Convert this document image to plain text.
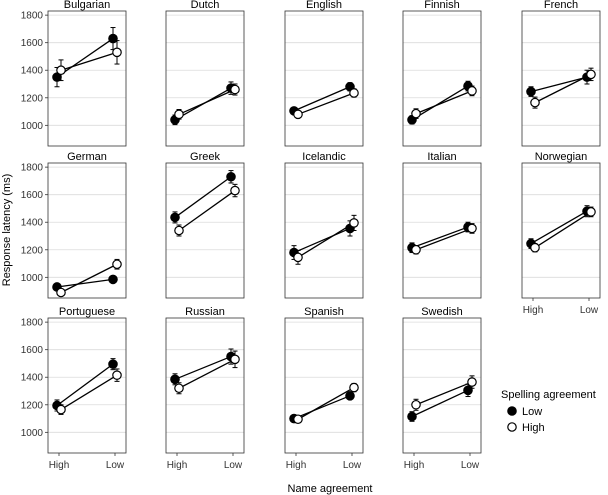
1000
1200
1400
1600
1800
Bulgarian	Dutch	English	Finnish	French
1000
1200
1400
1600
1800
German	Greek	Icelandic	Italian	Norwegian
High	Low
1000
1200
1400
1600
1800
Portuguese
High	Low
Russian
High	Low
Spanish
High	Low
Swedish
High	Low
Response latency (ms)
Name agreement
Spelling agreement
Low
High
